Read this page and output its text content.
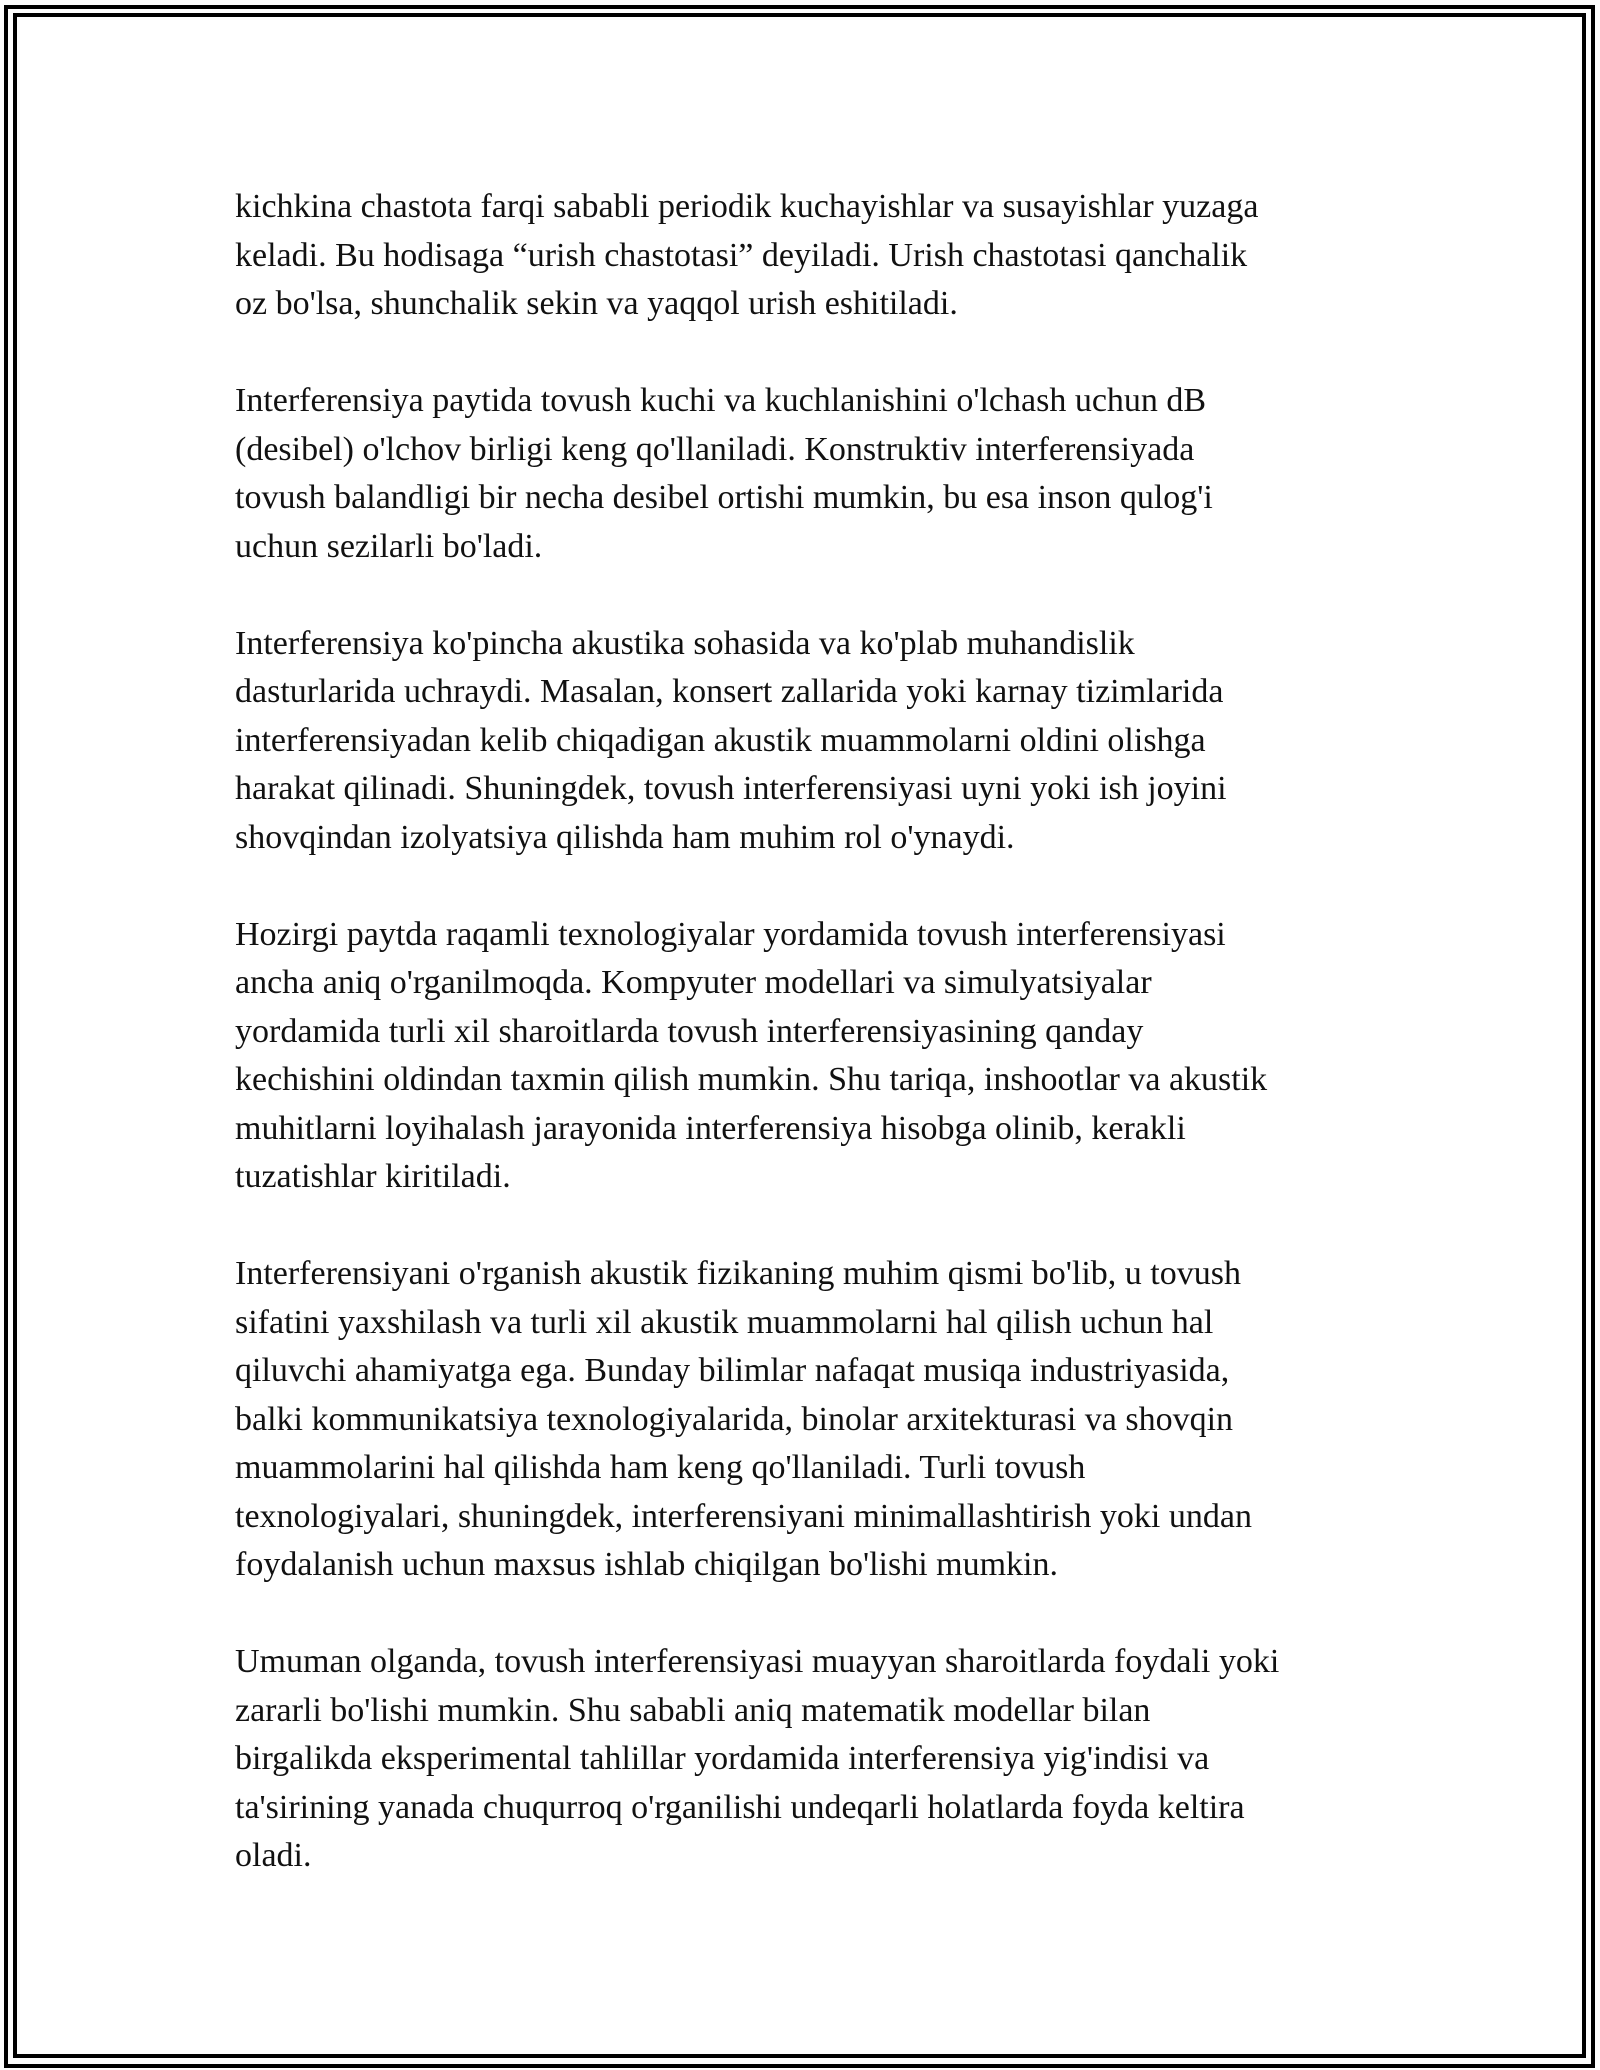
kichkina chastota farqi sababli periodik kuchayishlar va susayishlar yuzaga
keladi. Bu hodisaga “urish chastotasi” deyiladi. Urish chastotasi qanchalik
oz bo'lsa, shunchalik sekin va yaqqol urish eshitiladi.

Interferensiya paytida tovush kuchi va kuchlanishini o'lchash uchun dB
(desibel) o'lchov birligi keng qo'llaniladi. Konstruktiv interferensiyada
tovush balandligi bir necha desibel ortishi mumkin, bu esa inson qulog'i
uchun sezilarli bo'ladi.

Interferensiya ko'pincha akustika sohasida va ko'plab muhandislik
dasturlarida uchraydi. Masalan, konsert zallarida yoki karnay tizimlarida
interferensiyadan kelib chiqadigan akustik muammolarni oldini olishga
harakat qilinadi. Shuningdek, tovush interferensiyasi uyni yoki ish joyini
shovqindan izolyatsiya qilishda ham muhim rol o'ynaydi.

Hozirgi paytda raqamli texnologiyalar yordamida tovush interferensiyasi
ancha aniq o'rganilmoqda. Kompyuter modellari va simulyatsiyalar
yordamida turli xil sharoitlarda tovush interferensiyasining qanday
kechishini oldindan taxmin qilish mumkin. Shu tariqa, inshootlar va akustik
muhitlarni loyihalash jarayonida interferensiya hisobga olinib, kerakli
tuzatishlar kiritiladi.

Interferensiyani o'rganish akustik fizikaning muhim qismi bo'lib, u tovush
sifatini yaxshilash va turli xil akustik muammolarni hal qilish uchun hal
qiluvchi ahamiyatga ega. Bunday bilimlar nafaqat musiqa industriyasida,
balki kommunikatsiya texnologiyalarida, binolar arxitekturasi va shovqin
muammolarini hal qilishda ham keng qo'llaniladi. Turli tovush
texnologiyalari, shuningdek, interferensiyani minimallashtirish yoki undan
foydalanish uchun maxsus ishlab chiqilgan bo'lishi mumkin.

Umuman olganda, tovush interferensiyasi muayyan sharoitlarda foydali yoki
zararli bo'lishi mumkin. Shu sababli aniq matematik modellar bilan
birgalikda eksperimental tahlillar yordamida interferensiya yig'indisi va
ta'sirining yanada chuqurroq o'rganilishi undeqarli holatlarda foyda keltira
oladi.
